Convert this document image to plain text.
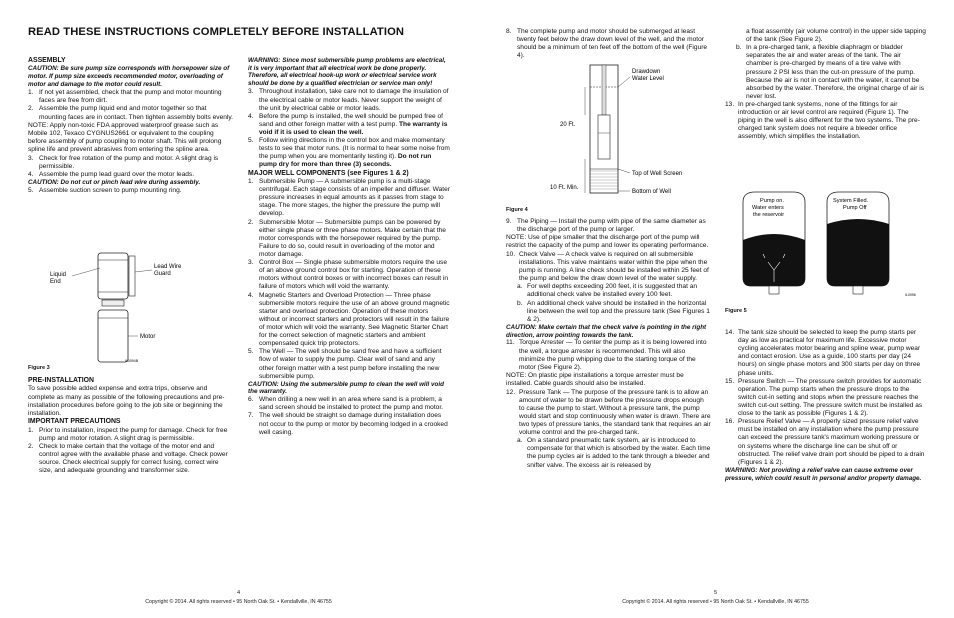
READ THESE INSTRUCTIONS COMPLETELY BEFORE INSTALLATION
ASSEMBLY
CAUTION: Be sure pump size corresponds with horsepower size of motor. If pump size exceeds recommended motor, overloading of motor and damage to the motor could result.
1. If not yet assembled, check that the pump and motor mounting faces are free from dirt.
2. Assemble the pump liquid end and motor together so that mounting faces are in contact. Then tighten assembly bolts evenly.
NOTE: Apply non-toxic FDA approved waterproof grease such as Mobile 102, Texaco CYGNUS2661 or equivalent to the coupling before assembly of pump coupling to motor shaft. This will prolong spline life and prevent abrasives from entering the spline area.
3. Check for free rotation of the pump and motor. A slight drag is permissible.
4. Assemble the pump lead guard over the motor leads.
CAUTION: Do not cut or pinch lead wire during assembly.
5. Assemble suction screen to pump mounting ring.
Liquid End
Lead Wire Guard
Motor
IL0094B
Figure 3
PRE-INSTALLATION
To save possible added expense and extra trips, observe and complete as many as possible of the following precautions and pre-installation procedures before going to the job site or beginning the installation.
IMPORTANT PRECAUTIONS
1. Prior to installation, inspect the pump for damage. Check for free pump and motor rotation. A slight drag is permissible.
2. Check to make certain that the voltage of the motor end and control agree with the available phase and voltage. Check power source. Check electrical supply for correct fusing, correct wire size, and adequate grounding and transformer size.
WARNING: Since most submersible pump problems are electrical, it is very important that all electrical work be done properly. Therefore, all electrical hook-up work or electrical service work should be done by a qualified electrician or service man only!
3. Throughout installation, take care not to damage the insulation of the electrical cable or motor leads. Never support the weight of the unit by electrical cable or motor leads.
4. Before the pump is installed, the well should be pumped free of sand and other foreign matter with a test pump. The warranty is void if it is used to clean the well.
5. Follow wiring directions in the control box and make momentary tests to see that motor runs. (It is normal to hear some noise from the pump when you are momentarily testing it). Do not run pump dry for more than three (3) seconds.
MAJOR WELL COMPONENTS (see Figures 1 & 2)
1. Submersible Pump — A submersible pump is a multi-stage centrifugal. Each stage consists of an impeller and diffuser. Water pressure increases in equal amounts as it passes from stage to stage. The more stages, the higher the pressure the pump will develop.
2. Submersible Motor — Submersible pumps can be powered by either single phase or three phase motors. Make certain that the motor corresponds with the horsepower required by the pump. Failure to do so, could result in overloading of the motor and motor damage.
3. Control Box — Single phase submersible motors require the use of an above ground control box for starting. Operation of these motors without control boxes or with incorrect boxes can result in failure of motors which will void the warranty.
4. Magnetic Starters and Overload Protection — Three phase submersible motors require the use of an above ground magnetic starter and overload protection. Operation of these motors without or incorrect starters and protectors will result in the failure of motor which will void the warranty. See Magnetic Starter Chart for the correct selection of magnetic starters and ambient compensated quick trip protectors.
5. The Well — The well should be sand free and have a sufficient flow of water to supply the pump. Clear well of sand and any other foreign matter with a test pump before installing the new submersible pump.
CAUTION: Using the submersible pump to clean the well will void the warranty.
6. When drilling a new well in an area where sand is a problem, a sand screen should be installed to protect the pump and motor.
7. The well should be straight so damage during installation does not occur to the pump or motor by becoming lodged in a crooked well casing.
4
Copyright © 2014. All rights reserved • 95 North Oak St. • Kendallville, IN 46755
8. The complete pump and motor should be submerged at least twenty feet below the draw down level of the well, and the motor should be a minimum of ten feet off the bottom of the well (Figure 4).
Drawdown Water Level
20 Ft.
Top of Well Screen
10 Ft. Min.
Bottom of Well
Figure 4
9. The Piping — Install the pump with pipe of the same diameter as the discharge port of the pump or larger.
NOTE: Use of pipe smaller that the discharge port of the pump will restrict the capacity of the pump and lower its operating performance.
10. Check Valve — A check valve is required on all submersible installations. This valve maintains water within the pipe when the pump is running. A line check should be installed within 25 feet of the pump and below the draw down level of the water supply.
a. For well depths exceeding 200 feet, it is suggested that an additional check valve be installed every 100 feet.
b. An additional check valve should be installed in the horizontal line between the well top and the pressure tank (See Figures 1 & 2).
CAUTION: Make certain that the check valve is pointing in the right direction, arrow pointing towards the tank.
11. Torque Arrester — To center the pump as it is being lowered into the well, a torque arrester is recommended. This will also minimize the pump whipping due to the starting torque of the motor (See Figure 2).
NOTE: On plastic pipe installations a torque arrester must be installed. Cable guards should also be installed.
12. Pressure Tank — The purpose of the pressure tank is to allow an amount of water to be drawn before the pressure drops enough to cause the pump to start. Without a pressure tank, the pump would start and stop continuously when water is drawn. There are two types of pressure tanks, the standard tank that requires an air volume control and the pre-charged tank.
a. On a standard pneumatic tank system, air is introduced to compensate for that which is absorbed by the water. Each time the pump cycles air is added to the tank through a bleeder and snifter valve. The excess air is released by
a float assembly (air volume control) in the upper side tapping of the tank (See Figure 2).
b. In a pre-charged tank, a flexible diaphragm or bladder separates the air and water areas of the tank. The air chamber is pre-charged by means of a tire valve with pressure 2 PSI less than the cut-on pressure of the pump. Because the air is not in contact with the water, it cannot be absorbed by the water. Therefore, the original charge of air is never lost.
13. In pre-charged tank systems, none of the fittings for air introduction or air level control are required (Figure 1). The piping in the well is also different for the two systems. The pre-charged tank system does not require a bleeder orifice assembly, which simplifies the installation.
Pump on. Water enters the reservoir
System Filled. Pump Off
IL0096
Figure 5
14. The tank size should be selected to keep the pump starts per day as low as practical for maximum life. Excessive motor cycling accelerates motor bearing and spline wear, pump wear and contact erosion. Use as a guide, 100 starts per day (24 hours) on single phase motors and 300 starts per day on three phase units.
15. Pressure Switch — The pressure switch provides for automatic operation. The pump starts when the pressure drops to the switch cut-in setting and stops when the pressure reaches the switch cut-out setting. The pressure switch must be installed as close to the tank as possible (Figures 1 & 2).
16. Pressure Relief Valve — A properly sized pressure relief valve must be installed on any installation where the pump pressure can exceed the pressure tank's maximum working pressure or on systems where the discharge line can be shut off or obstructed. The relief valve drain port should be piped to a drain (Figures 1 & 2).
WARNING: Not providing a relief valve can cause extreme over pressure, which could result in personal and/or property damage.
5
Copyright © 2014. All rights reserved • 95 North Oak St. • Kendallville, IN 46755
